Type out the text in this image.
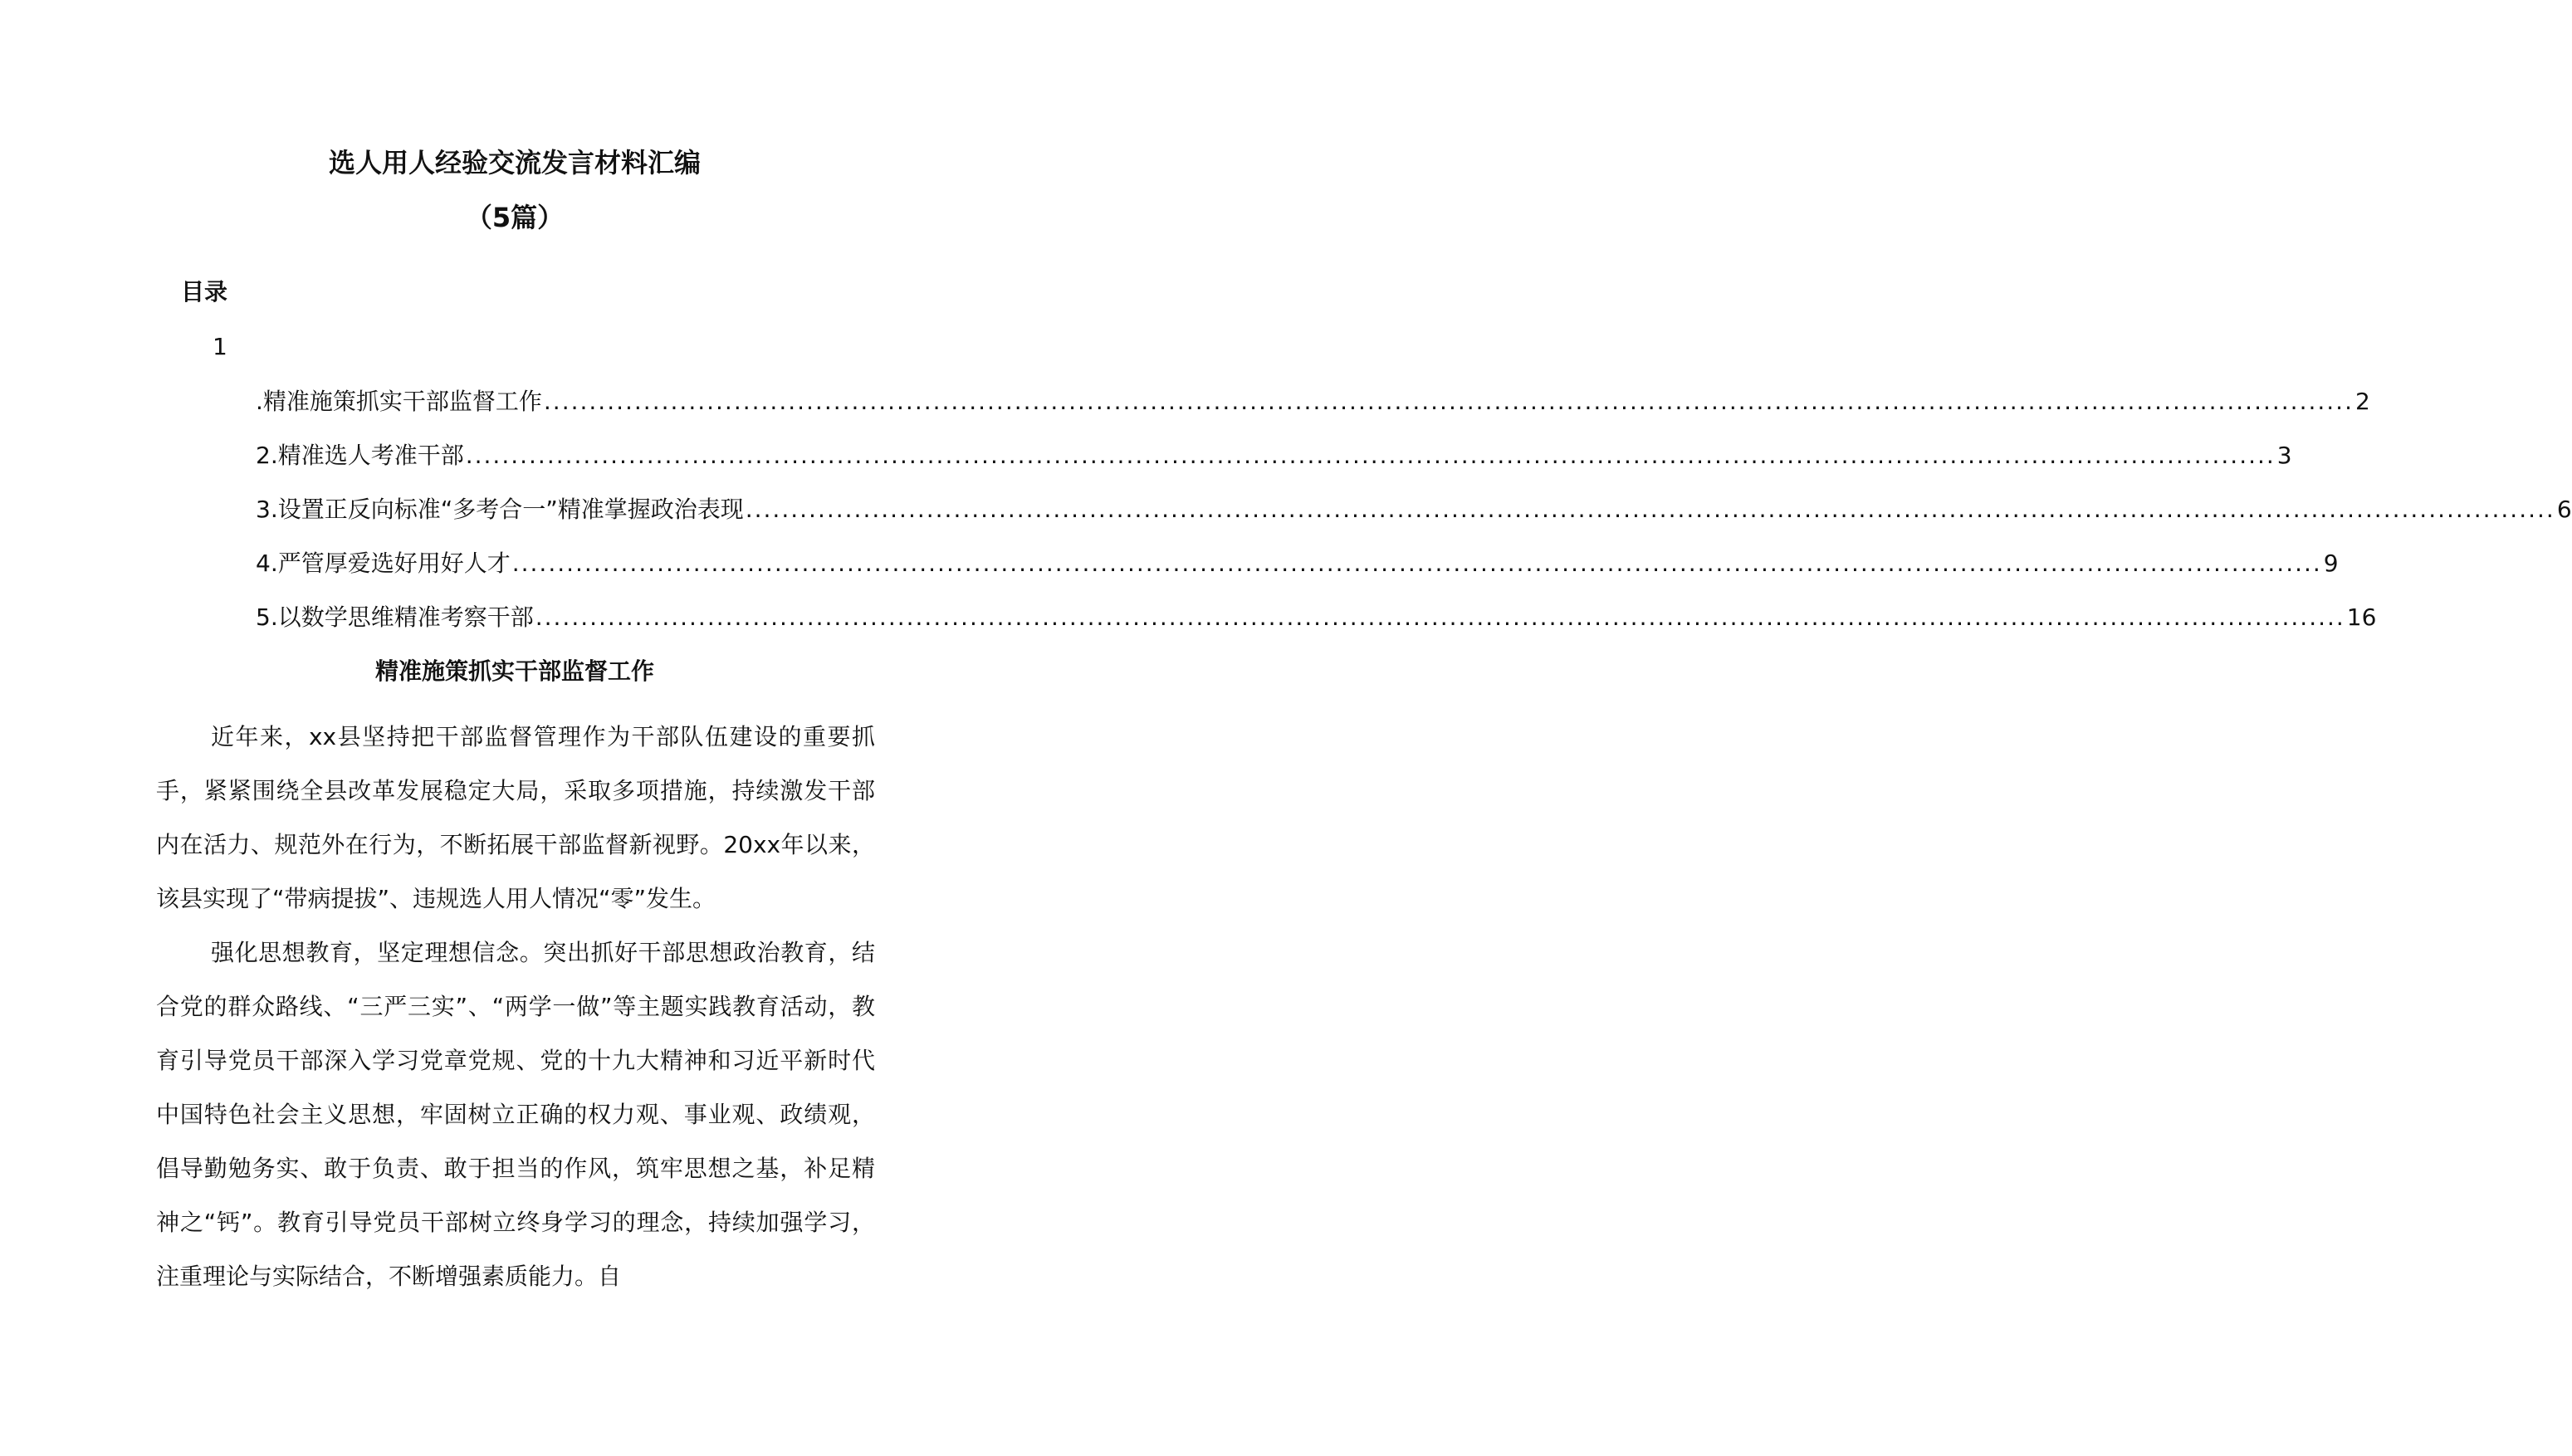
选人用人经验交流发言材料汇编
（5篇）
目录
1
.精准施策抓实干部监督工作 ........................................................................................................................................................................................................ 2
2.精准选人考准干部 ........................................................................................................................................................................................................ 3
3.设置正反向标准“多考合一”精准掌握政治表现 ........................................................................................................................................................................................................ 6
4.严管厚爱选好用好人才 ........................................................................................................................................................................................................ 9
5.以数学思维精准考察干部 ........................................................................................................................................................................................................ 16
精准施策抓实干部监督工作

近年来，xx县坚持把干部监督管理作为干部队伍建设的重要抓手，紧紧围绕全县改革发展稳定大局，采取多项措施，持续激发干部内在活力、规范外在行为，不断拓展干部监督新视野。20xx年以来，该县实现了“带病提拔”、违规选人用人情况“零”发生。

强化思想教育，坚定理想信念。突出抓好干部思想政治教育，结合党的群众路线、“三严三实”、“两学一做”等主题实践教育活动，教育引导党员干部深入学习党章党规、党的十九大精神和习近平新时代中国特色社会主义思想，牢固树立正确的权力观、事业观、政绩观，倡导勤勉务实、敢于负责、敢于担当的作风，筑牢思想之基，补足精神之“钙”。教育引导党员干部树立终身学习的理念，持续加强学习，注重理论与实际结合，不断增强素质能力。自
